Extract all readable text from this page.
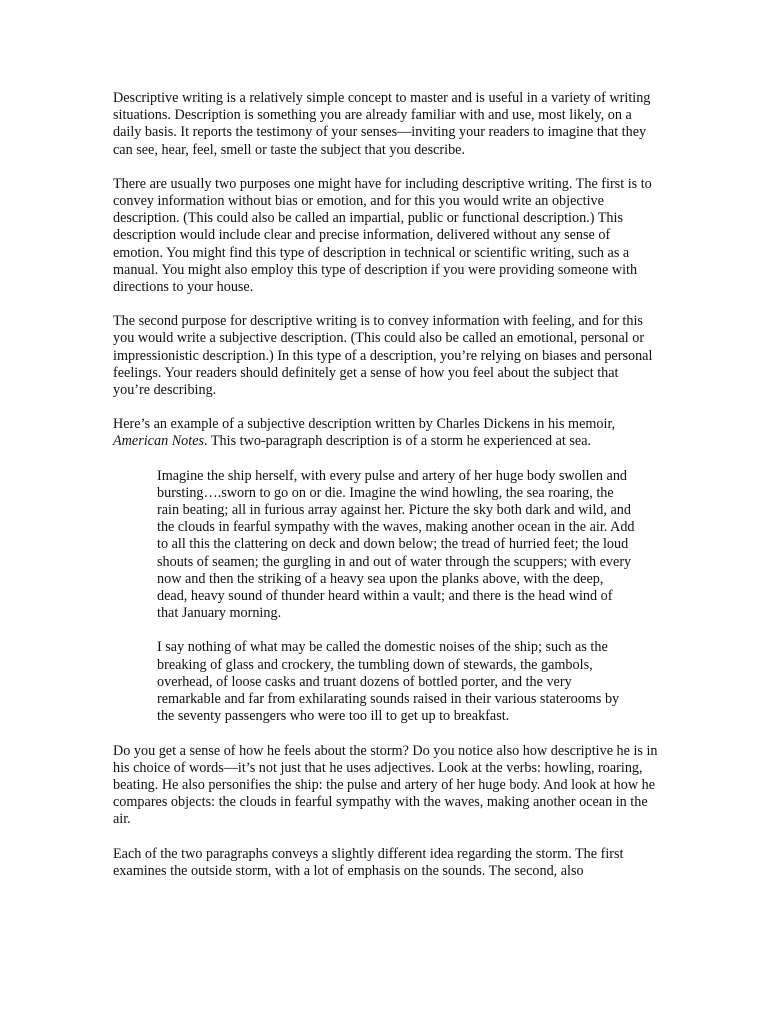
Descriptive writing is a relatively simple concept to master and is useful in a variety of writing situations. Description is something you are already familiar with and use, most likely, on a daily basis. It reports the testimony of your senses—inviting your readers to imagine that they can see, hear, feel, smell or taste the subject that you describe.

There are usually two purposes one might have for including descriptive writing. The first is to convey information without bias or emotion, and for this you would write an objective description. (This could also be called an impartial, public or functional description.) This description would include clear and precise information, delivered without any sense of emotion. You might find this type of description in technical or scientific writing, such as a manual. You might also employ this type of description if you were providing someone with directions to your house.

The second purpose for descriptive writing is to convey information with feeling, and for this you would write a subjective description. (This could also be called an emotional, personal or impressionistic description.) In this type of a description, you’re relying on biases and personal feelings. Your readers should definitely get a sense of how you feel about the subject that you’re describing.

Here’s an example of a subjective description written by Charles Dickens in his memoir, American Notes. This two-paragraph description is of a storm he experienced at sea.

Imagine the ship herself, with every pulse and artery of her huge body swollen and bursting….sworn to go on or die. Imagine the wind howling, the sea roaring, the rain beating; all in furious array against her. Picture the sky both dark and wild, and the clouds in fearful sympathy with the waves, making another ocean in the air. Add to all this the clattering on deck and down below; the tread of hurried feet; the loud shouts of seamen; the gurgling in and out of water through the scuppers; with every now and then the striking of a heavy sea upon the planks above, with the deep, dead, heavy sound of thunder heard within a vault; and there is the head wind of that January morning.

I say nothing of what may be called the domestic noises of the ship; such as the breaking of glass and crockery, the tumbling down of stewards, the gambols, overhead, of loose casks and truant dozens of bottled porter, and the very remarkable and far from exhilarating sounds raised in their various staterooms by the seventy passengers who were too ill to get up to breakfast.

Do you get a sense of how he feels about the storm? Do you notice also how descriptive he is in his choice of words—it’s not just that he uses adjectives. Look at the verbs: howling, roaring, beating. He also personifies the ship: the pulse and artery of her huge body. And look at how he compares objects: the clouds in fearful sympathy with the waves, making another ocean in the air.

Each of the two paragraphs conveys a slightly different idea regarding the storm. The first examines the outside storm, with a lot of emphasis on the sounds. The second, also
